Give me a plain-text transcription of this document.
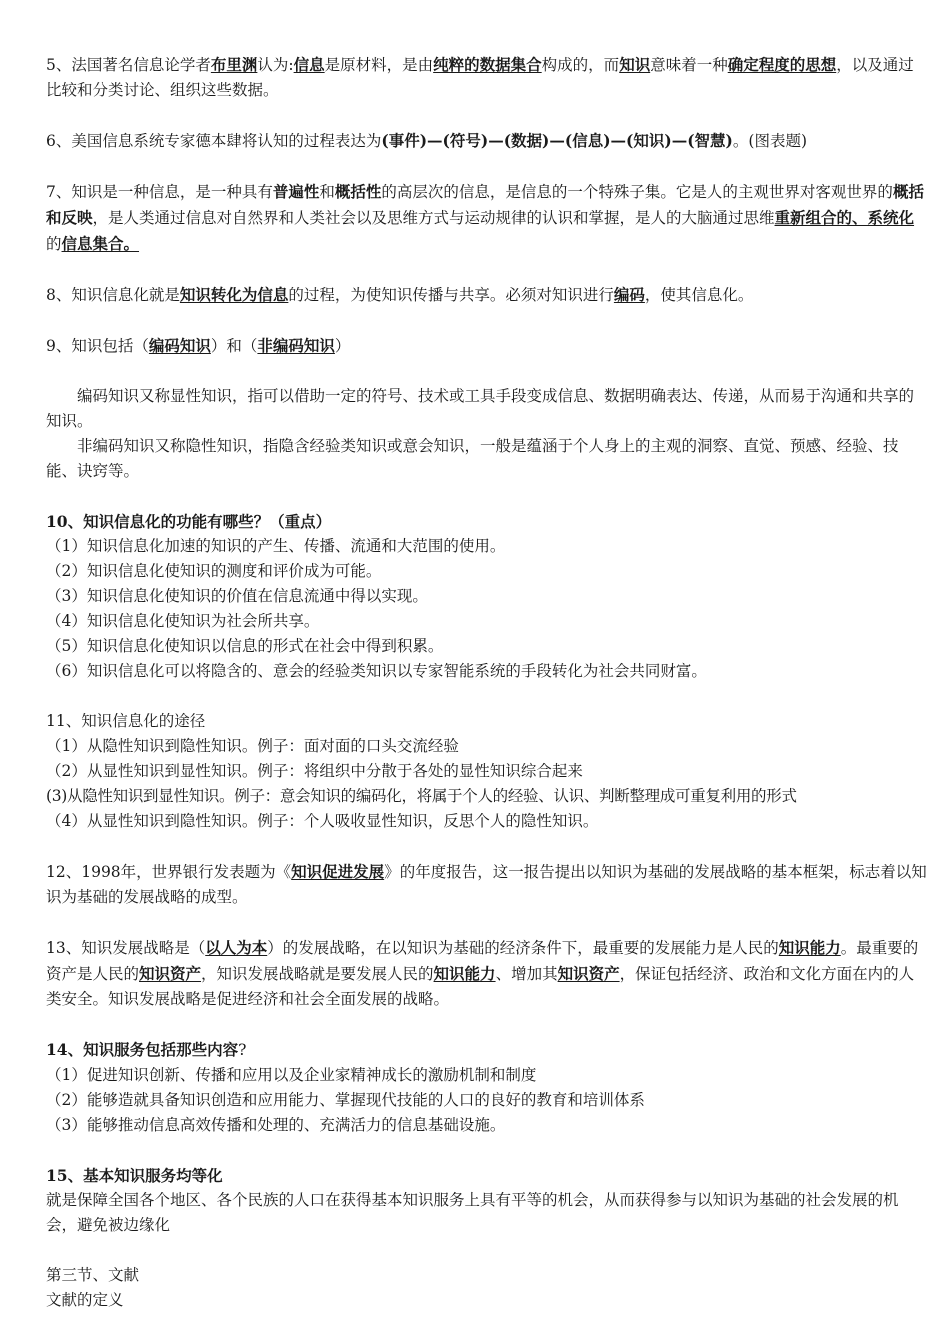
5、法国著名信息论学者布里渊认为:信息是原材料，是由纯粹的数据集合构成的，而知识意味着一种确定程度的思想，以及通过比较和分类讨论、组织这些数据。

6、美国信息系统专家德本肆将认知的过程表达为(事件)—(符号)—(数据)—(信息)—(知识)—(智慧)。(图表题)

7、知识是一种信息，是一种具有普遍性和概括性的高层次的信息，是信息的一个特殊子集。它是人的主观世界对客观世界的概括和反映，是人类通过信息对自然界和人类社会以及思维方式与运动规律的认识和掌握，是人的大脑通过思维重新组合的、系统化的信息集合。

8、知识信息化就是知识转化为信息的过程，为使知识传播与共享。必须对知识进行编码，使其信息化。

9、知识包括（编码知识）和（非编码知识）

编码知识又称显性知识，指可以借助一定的符号、技术或工具手段变成信息、数据明确表达、传递，从而易于沟通和共享的知识。

非编码知识又称隐性知识，指隐含经验类知识或意会知识，一般是蕴涵于个人身上的主观的洞察、直觉、预感、经验、技能、诀窍等。

10、知识信息化的功能有哪些？（重点）

（1）知识信息化加速的知识的产生、传播、流通和大范围的使用。

（2）知识信息化使知识的测度和评价成为可能。

（3）知识信息化使知识的价值在信息流通中得以实现。

（4）知识信息化使知识为社会所共享。

（5）知识信息化使知识以信息的形式在社会中得到积累。

（6）知识信息化可以将隐含的、意会的经验类知识以专家智能系统的手段转化为社会共同财富。

11、知识信息化的途径

（1）从隐性知识到隐性知识。例子：面对面的口头交流经验

（2）从显性知识到显性知识。例子：将组织中分散于各处的显性知识综合起来

(3)从隐性知识到显性知识。例子：意会知识的编码化，将属于个人的经验、认识、判断整理成可重复利用的形式

（4）从显性知识到隐性知识。例子：个人吸收显性知识，反思个人的隐性知识。

12、1998年，世界银行发表题为《知识促进发展》的年度报告，这一报告提出以知识为基础的发展战略的基本框架，标志着以知识为基础的发展战略的成型。

13、知识发展战略是（以人为本）的发展战略，在以知识为基础的经济条件下，最重要的发展能力是人民的知识能力。最重要的资产是人民的知识资产，知识发展战略就是要发展人民的知识能力、增加其知识资产，保证包括经济、政治和文化方面在内的人类安全。知识发展战略是促进经济和社会全面发展的战略。

14、知识服务包括那些内容?

（1）促进知识创新、传播和应用以及企业家精神成长的激励机制和制度

（2）能够造就具备知识创造和应用能力、掌握现代技能的人口的良好的教育和培训体系

（3）能够推动信息高效传播和处理的、充满活力的信息基础设施。

15、基本知识服务均等化

就是保障全国各个地区、各个民族的人口在获得基本知识服务上具有平等的机会，从而获得参与以知识为基础的社会发展的机会，避免被边缘化

第三节、文献

文献的定义
